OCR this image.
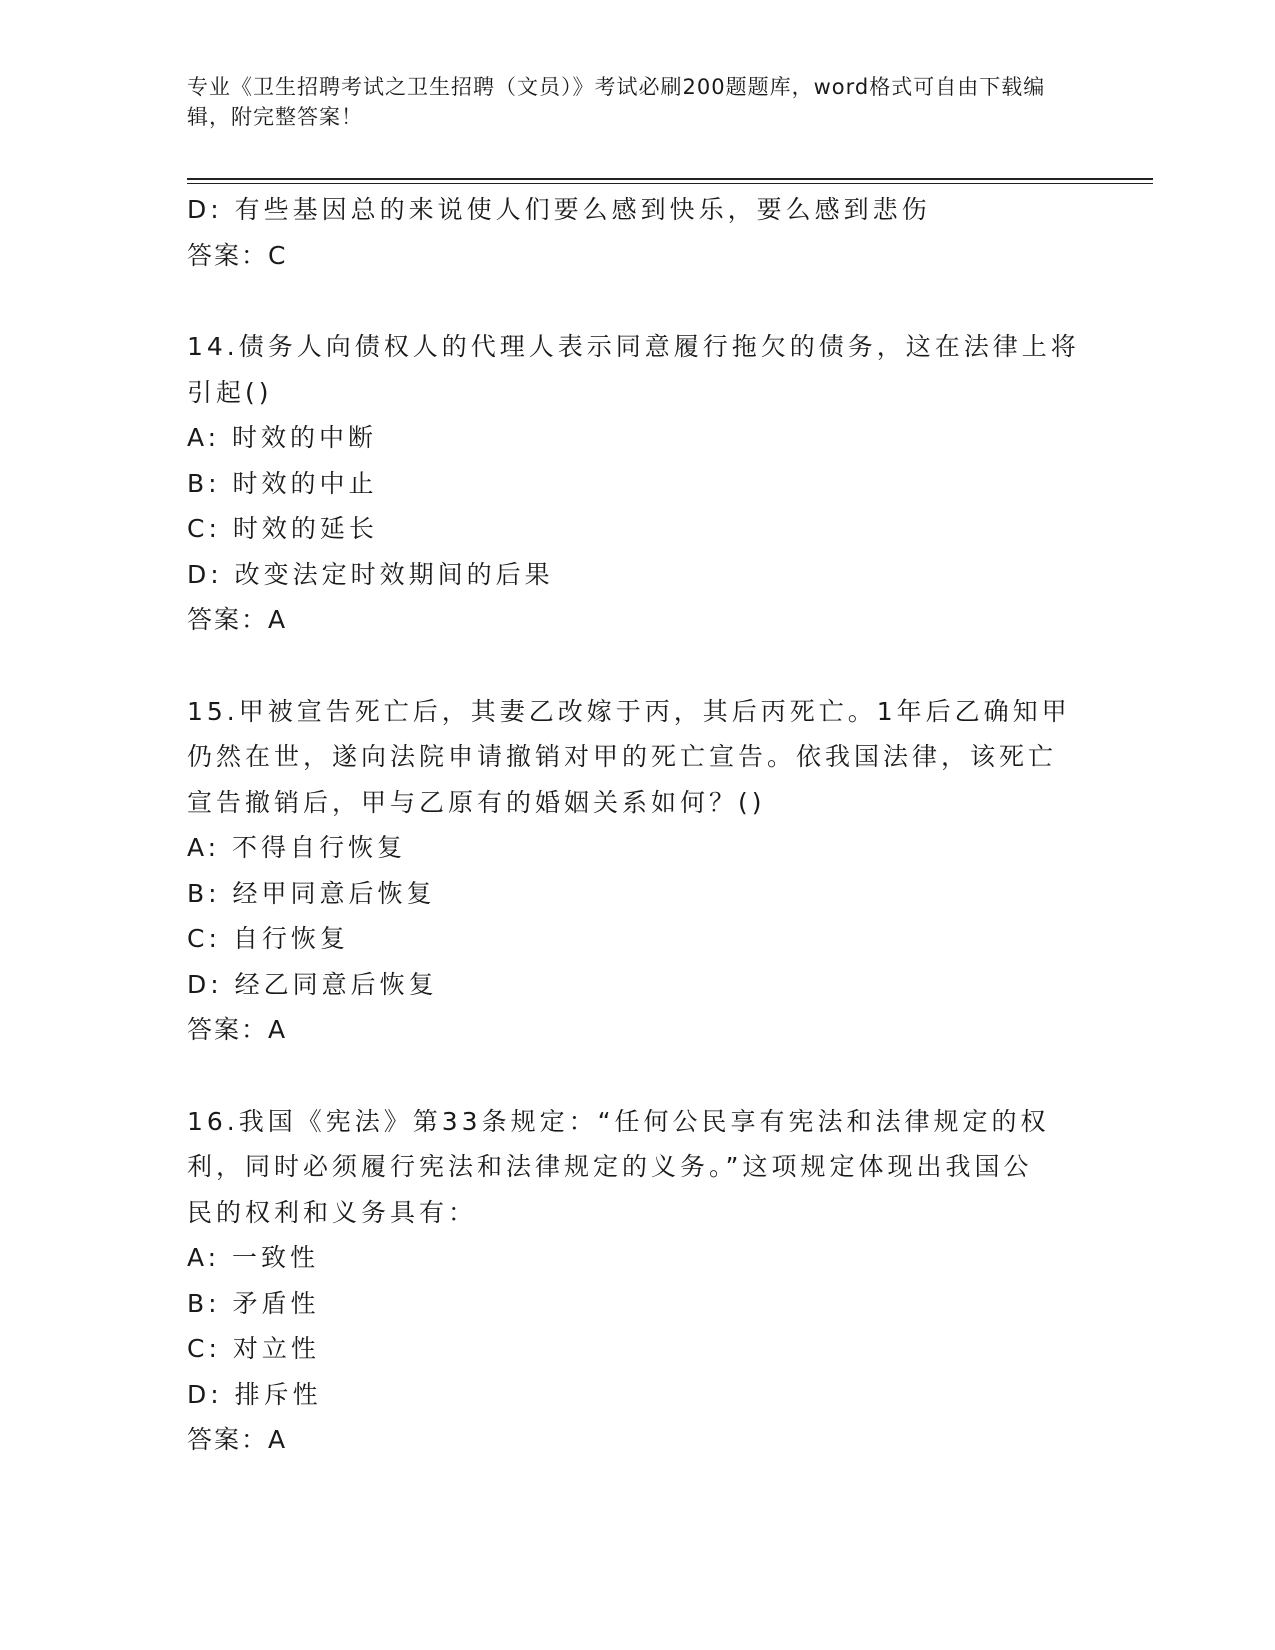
专业《卫生招聘考试之卫生招聘（文员）》考试必刷200题题库，word格式可自由下载编辑，附完整答案！
D: 有些基因总的来说使人们要么感到快乐，要么感到悲伤
答案：C
14.债务人向债权人的代理人表示同意履行拖欠的债务，这在法律上将
引起()
A: 时效的中断
B: 时效的中止
C: 时效的延长
D: 改变法定时效期间的后果
答案：A
15.甲被宣告死亡后，其妻乙改嫁于丙，其后丙死亡。1年后乙确知甲
仍然在世，遂向法院申请撤销对甲的死亡宣告。依我国法律，该死亡
宣告撤销后，甲与乙原有的婚姻关系如何？()
A: 不得自行恢复
B: 经甲同意后恢复
C: 自行恢复
D: 经乙同意后恢复
答案：A
16.我国《宪法》第33条规定：“任何公民享有宪法和法律规定的权
利，同时必须履行宪法和法律规定的义务。”这项规定体现出我国公
民的权利和义务具有：
A: 一致性
B: 矛盾性
C: 对立性
D: 排斥性
答案：A
